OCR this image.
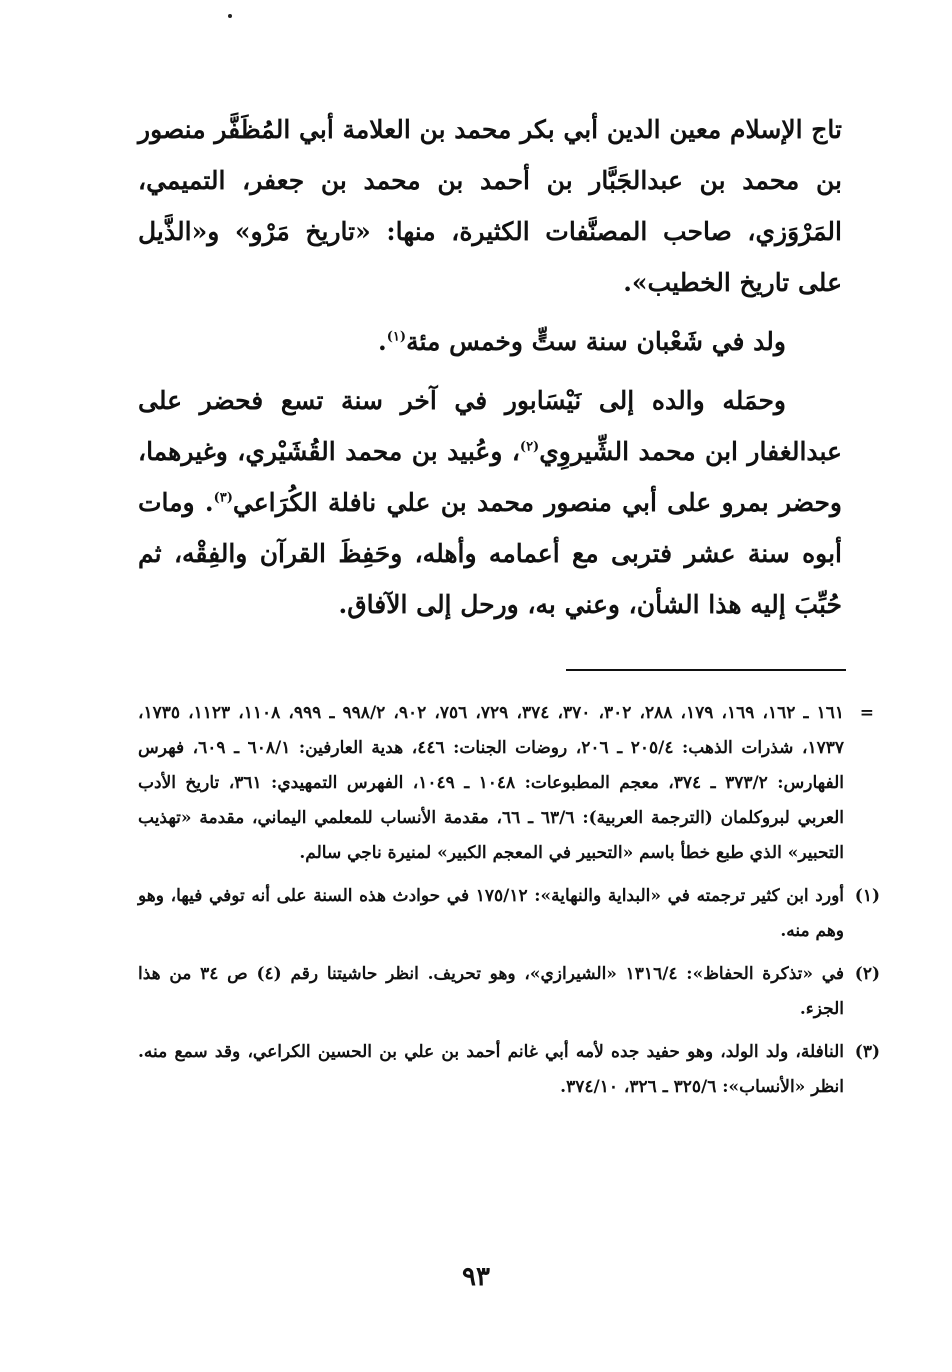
تاج الإسلام معين الدين أبي بكر محمد بن العلامة أبي المُظَفَّر منصور بن محمد بن عبدالجَبَّار بن أحمد بن محمد بن جعفر، التميمي، المَرْوَزي، صاحب المصنَّفات الكثيرة، منها: «تاريخ مَرْو» و«الذَّيل على تاريخ الخطيب».

ولد في شَعْبان سنة ستٍّ وخمس مئة$^{(١)}$.

وحمَله والده إلى نَيْسَابور في آخر سنة تسع فحضر على عبدالغفار ابن محمد الشِّيروِي$^{(٢)}$، وعُبيد بن محمد القُشَيْري، وغيرهما، وحضر بمرو على أبي منصور محمد بن علي نافلة الكُرَاعي$^{(٣)}$. ومات أبوه سنة عشر فتربى مع أعمامه وأهله، وحَفِظَ القرآن والفِقْه، ثم حُبِّبَ إليه هذا الشأن، وعني به، ورحل إلى الآفاق.

=
١٦١ ـ ١٦٢، ١٦٩، ١٧٩، ٢٨٨، ٣٠٢، ٣٧٠، ٣٧٤، ٧٢٩، ٧٥٦، ٩٠٢، ٩٩٨/٢ ـ ٩٩٩، ١١٠٨، ١١٢٣، ١٧٣٥، ١٧٣٧، شذرات الذهب: ٢٠٥/٤ ـ ٢٠٦، روضات الجنات: ٤٤٦، هدية العارفين: ٦٠٨/١ ـ ٦٠٩، فهرس الفهارس: ٣٧٣/٢ ـ ٣٧٤، معجم المطبوعات: ١٠٤٨ ـ ١٠٤٩، الفهرس التمهيدي: ٣٦١، تاريخ الأدب العربي لبروكلمان (الترجمة العربية): ٦٣/٦ ـ ٦٦، مقدمة الأنساب للمعلمي اليماني، مقدمة «تهذيب التحبير» الذي طبع خطأ باسم «التحبير في المعجم الكبير» لمنيرة ناجي سالم.
(١)
أورد ابن كثير ترجمته في «البداية والنهاية»: ١٧٥/١٢ في حوادث هذه السنة على أنه توفي فيها، وهو وهم منه.
(٢)
في «تذكرة الحفاظ»: ١٣١٦/٤ «الشيرازي»، وهو تحريف. انظر حاشيتنا رقم (٤) ص ٣٤ من هذا الجزء.
(٣)
النافلة، ولد الولد، وهو حفيد جده لأمه أبي غانم أحمد بن علي بن الحسين الكراعي، وقد سمع منه. انظر «الأنساب»: ٣٢٥/٦ ـ ٣٢٦، ٣٧٤/١٠.
٩٣
